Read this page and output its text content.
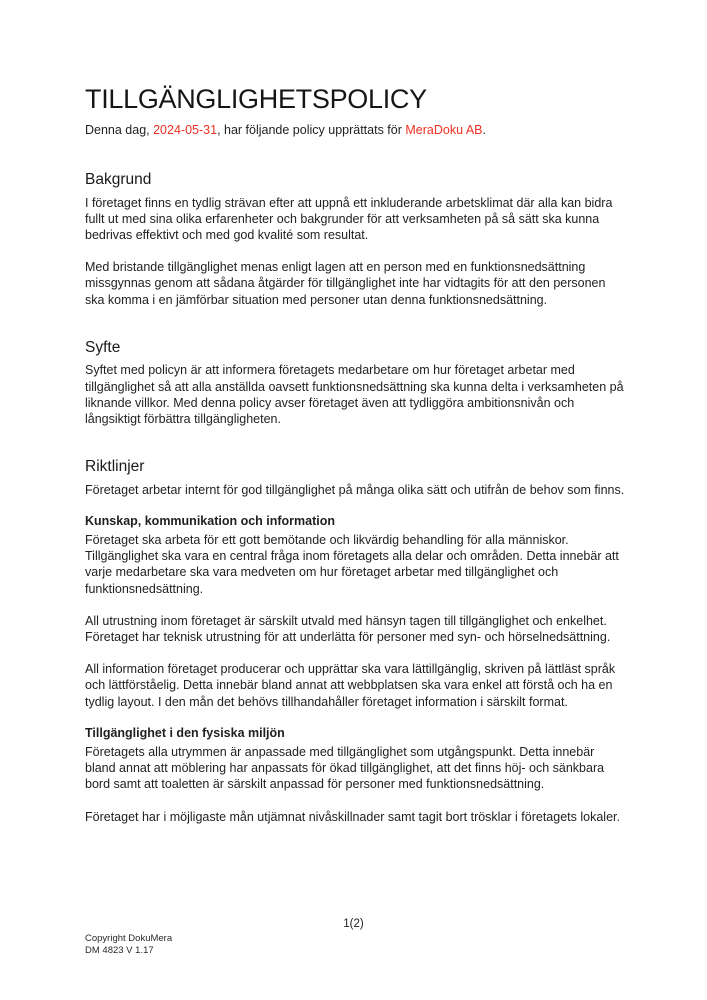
TILLGÄNGLIGHETSPOLICY

Denna dag, 2024-05-31, har följande policy upprättats för MeraDoku AB.

Bakgrund

I företaget finns en tydlig strävan efter att uppnå ett inkluderande arbetsklimat där alla kan bidra fullt ut med sina olika erfarenheter och bakgrunder för att verksamheten på så sätt ska kunna bedrivas effektivt och med god kvalité som resultat.

Med bristande tillgänglighet menas enligt lagen att en person med en funktionsnedsättning missgynnas genom att sådana åtgärder för tillgänglighet inte har vidtagits för att den personen ska komma i en jämförbar situation med personer utan denna funktionsnedsättning.

Syfte

Syftet med policyn är att informera företagets medarbetare om hur företaget arbetar med tillgänglighet så att alla anställda oavsett funktionsnedsättning ska kunna delta i verksamheten på liknande villkor. Med denna policy avser företaget även att tydliggöra ambitionsnivån och långsiktigt förbättra tillgängligheten.

Riktlinjer

Företaget arbetar internt för god tillgänglighet på många olika sätt och utifrån de behov som finns.

Kunskap, kommunikation och information

Företaget ska arbeta för ett gott bemötande och likvärdig behandling för alla människor. Tillgänglighet ska vara en central fråga inom företagets alla delar och områden. Detta innebär att varje medarbetare ska vara medveten om hur företaget arbetar med tillgänglighet och funktionsnedsättning.

All utrustning inom företaget är särskilt utvald med hänsyn tagen till tillgänglighet och enkelhet. Företaget har teknisk utrustning för att underlätta för personer med syn- och hörselnedsättning.

All information företaget producerar och upprättar ska vara lättillgänglig, skriven på lättläst språk och lättförståelig. Detta innebär bland annat att webbplatsen ska vara enkel att förstå och ha en tydlig layout. I den mån det behövs tillhandahåller företaget information i särskilt format.

Tillgänglighet i den fysiska miljön

Företagets alla utrymmen är anpassade med tillgänglighet som utgångspunkt. Detta innebär bland annat att möblering har anpassats för ökad tillgänglighet, att det finns höj- och sänkbara bord samt att toaletten är särskilt anpassad för personer med funktionsnedsättning.

Företaget har i möjligaste mån utjämnat nivåskillnader samt tagit bort trösklar i företagets lokaler.

1(2)
Copyright DokuMera
DM 4823 V 1.17
